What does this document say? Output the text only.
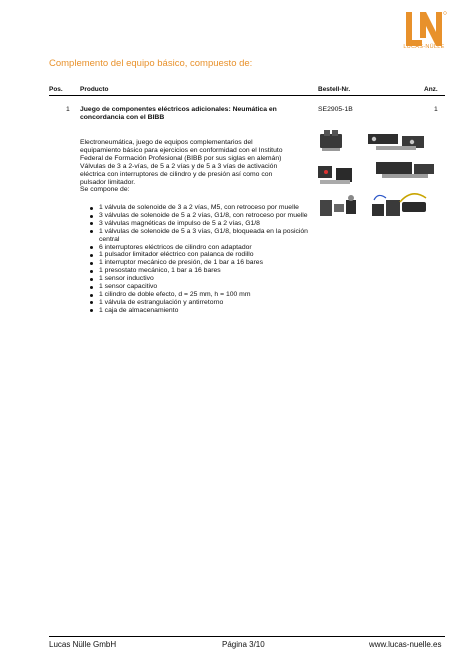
LUCAS-NÜLLE
Complemento del equipo básico, compuesto de:
Pos.	Producto	Bestell-Nr.	Anz.
1 Juego de componentes eléctricos adicionales: Neumática en
concordancia con el BIBB
SE2905-1B	1

Electroneumática, juego de equipos complementarios del

equipamiento básico para ejercicios en conformidad con el Instituto

Federal de Formación Profesional (BIBB por sus siglas en alemán)

Válvulas de 3 a 2-vías, de 5 a 2 vías y de 5 a 3 vías de activación

eléctrica con interruptores de cilindro y de presión así como con

pulsador limitador.

Se compone de:

1 válvula de solenoide de 3 a 2 vías, M5, con retroceso por muelle
3 válvulas de solenoide de 5 a 2 vías, G1/8, con retroceso por muelle
3 válvulas magnéticas de impulso de 5 a 2 vías, G1/8
1 válvulas de solenoide de 5 a 3 vías, G1/8, bloqueada en la posición central
6 interruptores eléctricos de cilindro con adaptador
1 pulsador limitador eléctrico con palanca de rodillo
1 interruptor mecánico de presión, de 1 bar a 16 bares
1 presostato mecánico, 1 bar a 16 bares
1 sensor inductivo
1 sensor capacitivo
1 cilindro de doble efecto, d = 25 mm, h = 100 mm
1 válvula de estrangulación y antirretorno
1 caja de almacenamiento
Lucas Nülle GmbH	Página 3/10	www.lucas-nuelle.es
